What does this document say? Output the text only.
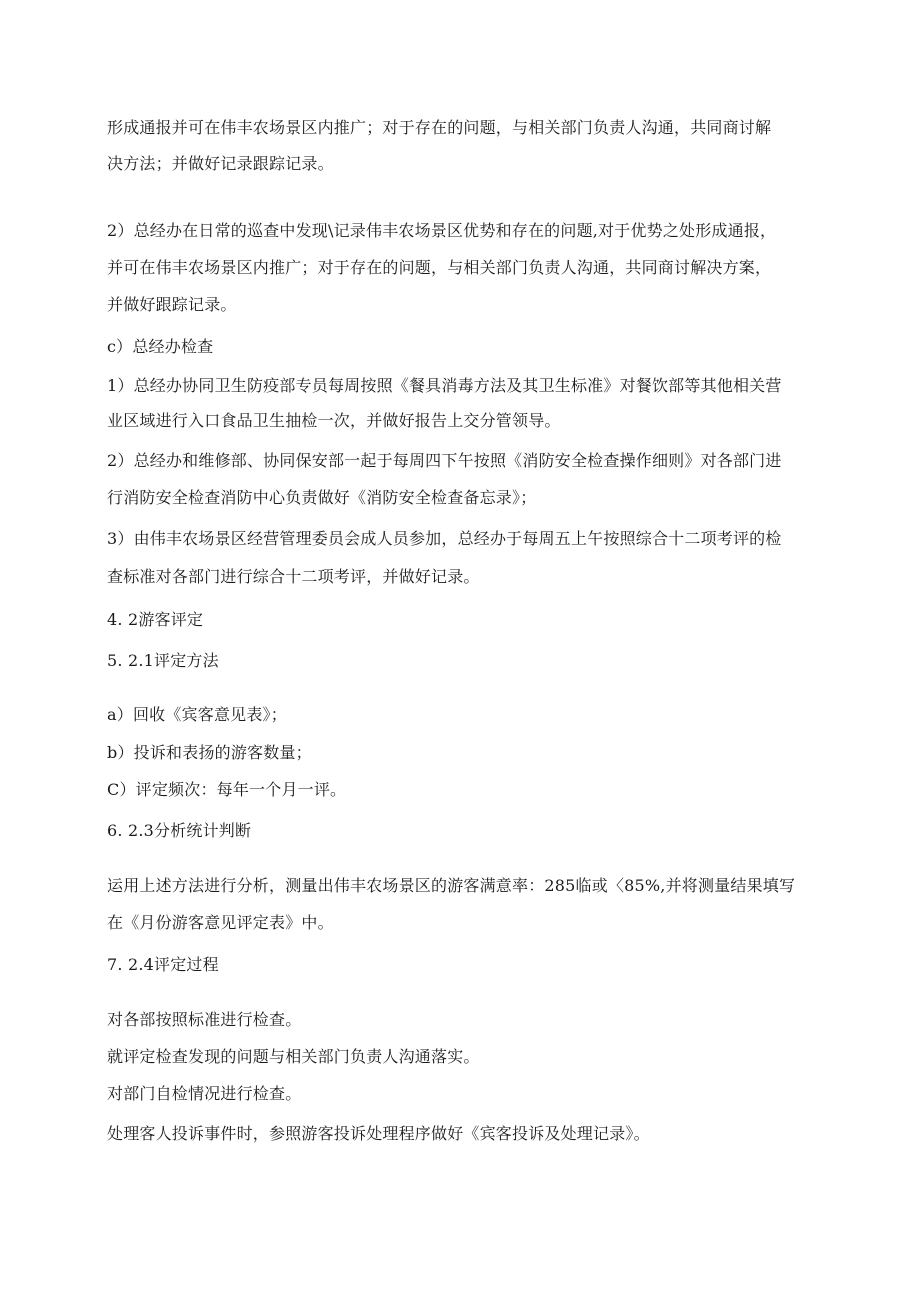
形成通报并可在伟丰农场景区内推广；对于存在的问题，与相关部门负责人沟通，共同商讨解
决方法；并做好记录跟踪记录。
2）总经办在日常的巡查中发现\记录伟丰农场景区优势和存在的问题,对于优势之处形成通报，
并可在伟丰农场景区内推广；对于存在的问题，与相关部门负责人沟通，共同商讨解决方案，
并做好跟踪记录。
c）总经办检查
1）总经办协同卫生防疫部专员每周按照《餐具消毒方法及其卫生标准》对餐饮部等其他相关营
业区域进行入口食品卫生抽检一次，并做好报告上交分管领导。
2）总经办和维修部、协同保安部一起于每周四下午按照《消防安全检查操作细则》对各部门进
行消防安全检查消防中心负责做好《消防安全检查备忘录》；
3）由伟丰农场景区经营管理委员会成人员参加，总经办于每周五上午按照综合十二项考评的检
查标准对各部门进行综合十二项考评，并做好记录。
4. 2游客评定
5. 2.1评定方法
a）回收《宾客意见表》；
b）投诉和表扬的游客数量；
C）评定频次：每年一个月一评。
6. 2.3分析统计判断
运用上述方法进行分析，测量出伟丰农场景区的游客满意率：285临或〈85%,并将测量结果填写
在《月份游客意见评定表》中。
7. 2.4评定过程
对各部按照标准进行检查。
就评定检查发现的问题与相关部门负责人沟通落实。
对部门自检情况进行检查。
处理客人投诉事件时，参照游客投诉处理程序做好《宾客投诉及处理记录》。
